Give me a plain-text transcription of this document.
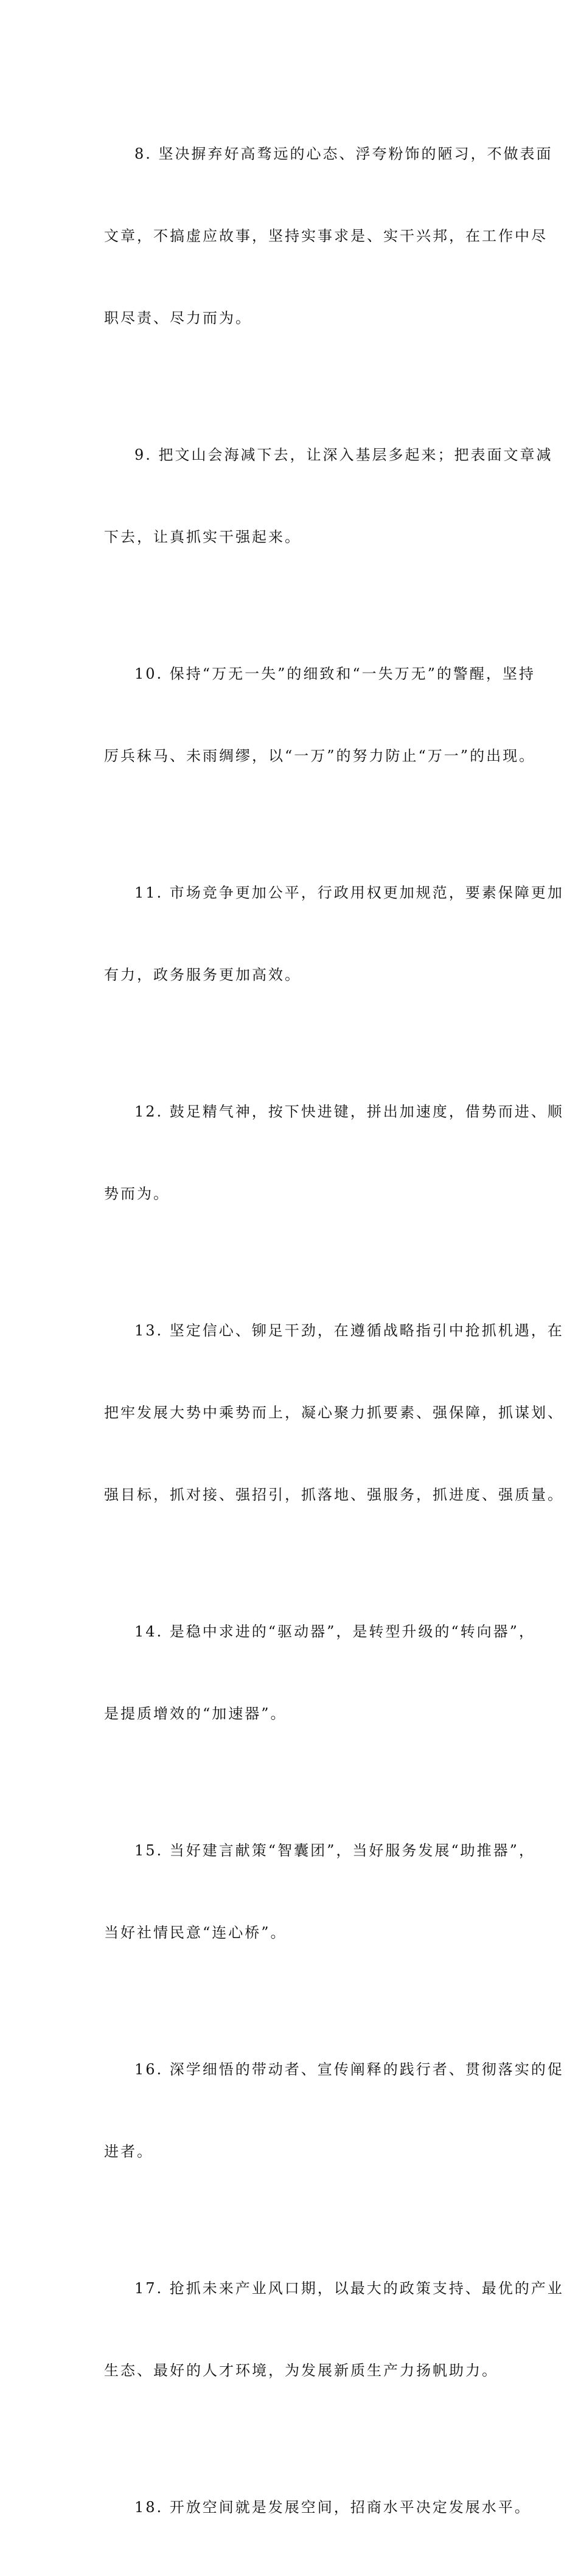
8. 坚决摒弃好高骛远的心态、浮夸粉饰的陋习，不做表面

文章，不搞虚应故事，坚持实事求是、实干兴邦，在工作中尽

职尽责、尽力而为。

9. 把文山会海减下去，让深入基层多起来；把表面文章减

下去，让真抓实干强起来。

10. 保持“万无一失”的细致和“一失万无”的警醒，坚持

厉兵秣马、未雨绸缪，以“一万”的努力防止“万一”的出现。

11. 市场竞争更加公平，行政用权更加规范，要素保障更加

有力，政务服务更加高效。

12. 鼓足精气神，按下快进键，拼出加速度，借势而进、顺

势而为。

13. 坚定信心、铆足干劲，在遵循战略指引中抢抓机遇，在

把牢发展大势中乘势而上，凝心聚力抓要素、强保障，抓谋划、

强目标，抓对接、强招引，抓落地、强服务，抓进度、强质量。

14. 是稳中求进的“驱动器”，是转型升级的“转向器”，

是提质增效的“加速器”。

15. 当好建言献策“智囊团”，当好服务发展“助推器”，

当好社情民意“连心桥”。

16. 深学细悟的带动者、宣传阐释的践行者、贯彻落实的促

进者。

17. 抢抓未来产业风口期，以最大的政策支持、最优的产业

生态、最好的人才环境，为发展新质生产力扬帆助力。

18. 开放空间就是发展空间，招商水平决定发展水平。
